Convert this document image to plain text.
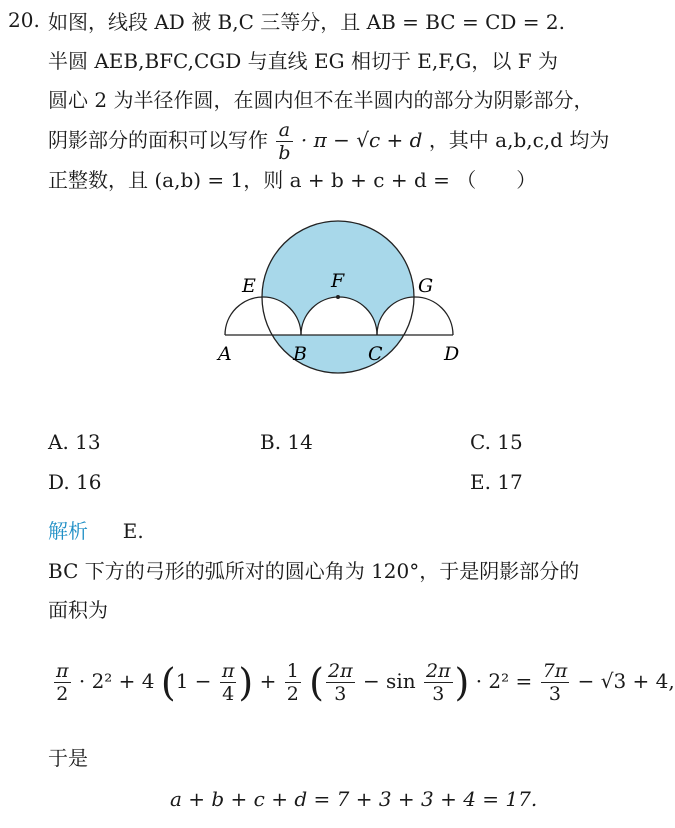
20. 如图，线段 AD 被 B,C 三等分，且 AB = BC = CD = 2.
半圆 AEB,BFC,CGD 与直线 EG 相切于 E,F,G，以 F 为
圆心 2 为半径作圆，在圆内但不在半圆内的部分为阴影部分，
阴影部分的面积可以写作 $\frac{a}{b} \cdot \pi - √c + d$ ，其中 a,b,c,d 均为
正整数，且 (a,b) = 1，则 a + b + c + d = （　　）
A	B	C	D
E	F	G
A. 13	B. 14	C. 15
D. 16	E. 17
解析 E.
BC 下方的弓形的弧所对的圆心角为 120°，于是阴影部分的
面积为
$\frac{\pi}{2} \cdot 2^2 + 4$ ($1 - \frac{\pi}{4}$ ) + $\frac{1}{2}$ ( $\frac{2\pi}{3} - \sin \frac{2\pi}{3}$ ) · $2^2 = \frac{7\pi}{3} - √3 + 4$,
于是
a + b + c + d = 7 + 3 + 3 + 4 = 17.
